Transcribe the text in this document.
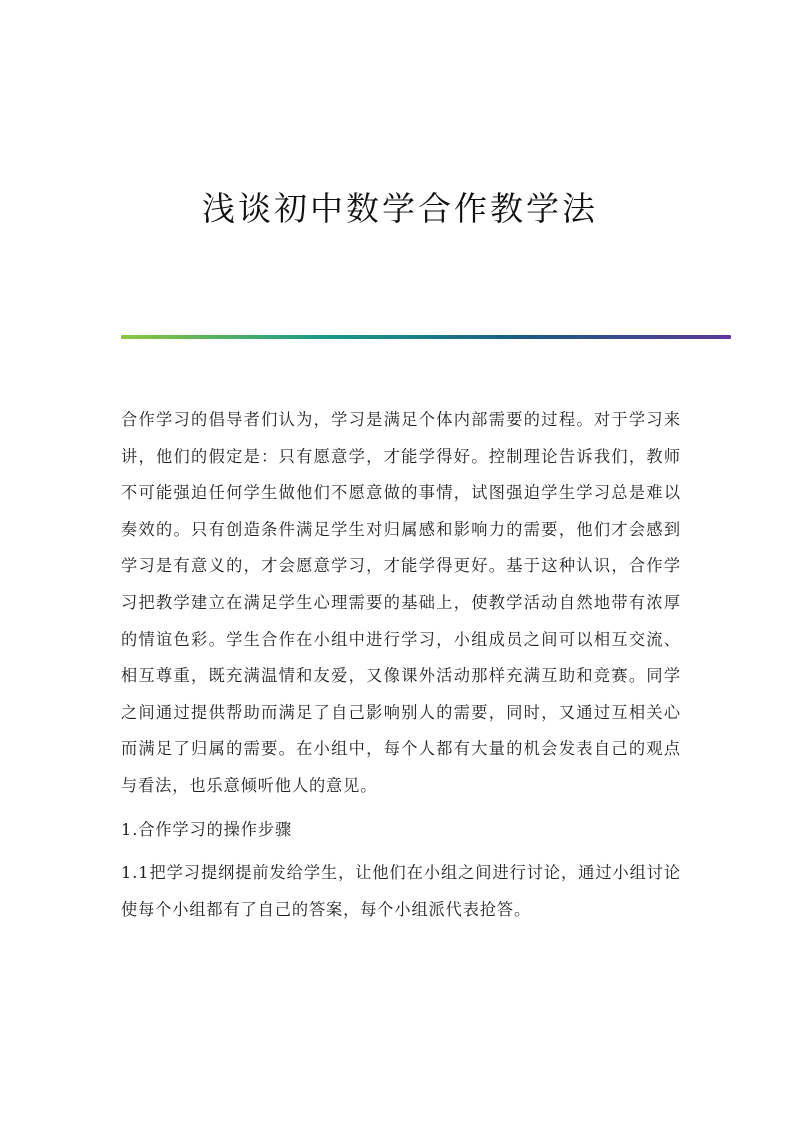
浅谈初中数学合作教学法

合作学习的倡导者们认为，学习是满足个体内部需要的过程。对于学习来讲，他们的假定是：只有愿意学，才能学得好。控制理论告诉我们，教师不可能强迫任何学生做他们不愿意做的事情，试图强迫学生学习总是难以奏效的。只有创造条件满足学生对归属感和影响力的需要，他们才会感到学习是有意义的，才会愿意学习，才能学得更好。基于这种认识，合作学习把教学建立在满足学生心理需要的基础上，使教学活动自然地带有浓厚的情谊色彩。学生合作在小组中进行学习，小组成员之间可以相互交流、相互尊重，既充满温情和友爱，又像课外活动那样充满互助和竞赛。同学之间通过提供帮助而满足了自己影响别人的需要，同时，又通过互相关心而满足了归属的需要。在小组中，每个人都有大量的机会发表自己的观点与看法，也乐意倾听他人的意见。

1.合作学习的操作步骤

1.1把学习提纲提前发给学生，让他们在小组之间进行讨论，通过小组讨论使每个小组都有了自己的答案，每个小组派代表抢答。
